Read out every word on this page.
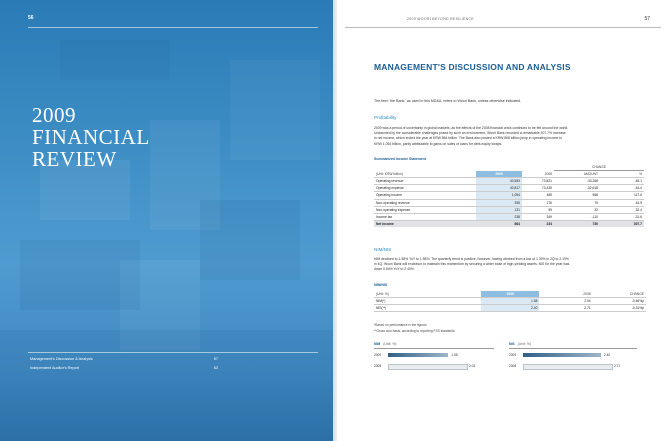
56
2009
FINANCIAL
REVIEW
Management's Discussion & Analysis	57
Independent Auditor's Report	63
2009 WOORI BEYOND RESILIENCE	57
MANAGEMENT'S DISCUSSION AND ANALYSIS
The term 'the Bank,' as used in this MD&A, refers to Woori Bank, unless otherwise indicated.
Profitability
2009 was a period of uncertainty in global markets, as the effects of the 2008 financial crisis continued to be felt around the world.
Undaunted by the considerable challenges posed by such an environment, Woori Bank recorded a remarkable 307.7% increase
in net income, which ended the year at KRW 864 billion. The Bank also posted a KRW 868 billion jump in operating income to
KRW 1,054 billion, partly attributable to gains on sales of loans for debt-equity swaps.
Summarized Income Statement
			CHANGE	
(Unit: KRW billion)	2009	2008	AMOUNT	%
Operating revenue	40,553	73,821	-33,268	-45.1
Operating expense	40,817	73,435	-32,618	-44.4
Operating income	1,054	485	568	117.0
Non-operating revenue	255	176	79	44.9
Non-operating expense	131	99	32	32.4
Income tax	238	349	-110	-31.6
Net income	864	234	730	307.7
NIM/NIS
NIM declined to 1.58% YoY to 1.58%. The quarterly trend is positive, however, having climbed from a low of 1.39% in 2Q to 2.19%
in 4Q. Woori Bank will endeavor to maintain this momentum by securing a wider base of high-yielding assets. NIS for the year was
down 0.54% YoY to 2.40%.
NIM/NIS
(Unit: %)	2009	2008	CHANGE
NIM(*)	1.58	2.04	-0.46%p
NIS(**)	2.40	2.71	-0.31%p
*Based on performance in the figures
**Gross won basis, according to reporting FSS standards
NIM (Unit: %)
2009	1.58
2008	2.04
NIS (Unit: %)
2009	2.40
2008	2.71
